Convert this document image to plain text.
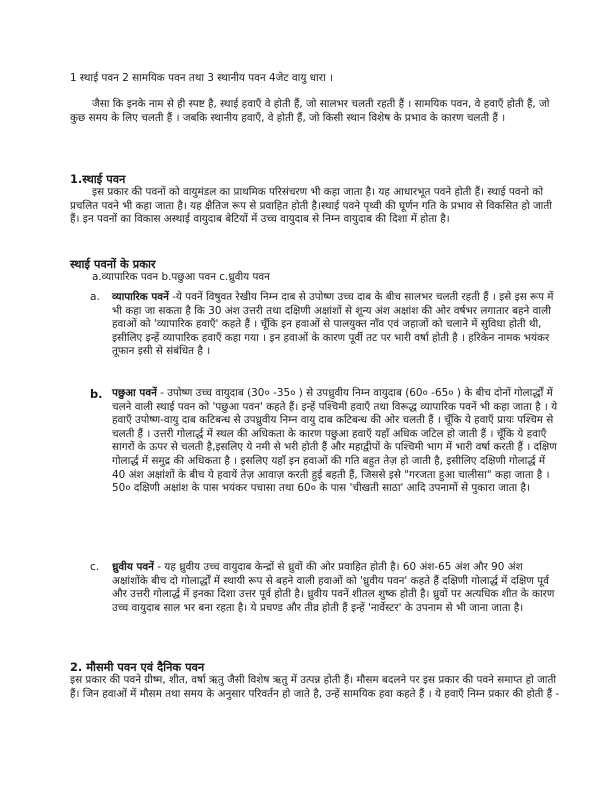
1 स्थाई पवन 2 सामयिक पवन तथा 3 स्थानीय पवन 4जेट वायु धारा ।

जैसा कि इनके नाम से ही स्पष्ट है, स्थाई हवाएँ वे होती हैं, जो सालभर चलती रहती हैं । सामयिक पवन, वे हवाएँ होती हैं, जो कुछ समय के लिए चलती हैं । जबकि स्थानीय हवाएँ, वे होती हैं, जो किसी स्थान विशेष के प्रभाव के कारण चलती हैं ।

1.स्थाई पवन

इस प्रकार की पवनों को वायुमंडल का प्राथमिक परिसंचरण भी कहा जाता है। यह आधारभूत पवने होती हैं। स्थाई पवनो को प्रचलित पवने भी कहा जाता है। यह क्षैतिज रूप से प्रवाहित होती है।स्थाई पवने पृथ्वी की घूर्णन गति के प्रभाव से विकसित हो जाती हैं। इन पवनों का विकास अस्थाई वायुदाब बेटियों में उच्च वायुदाब से निम्न वायुदाब की दिशा में होता है।

स्थाई पवनों के प्रकार

a.व्यापारिक पवन b.पछुआ पवन c.ध्रुवीय पवन

a. व्यापारिक पवनें -ये पवनें विषुवत रेखीय निम्न दाब से उपोष्ण उच्च दाब के बीच सालभर चलती रहती हैं । इसे इस रूप में भी कहा जा सकता है कि 30 अंश उत्तरी तथा दक्षिणी अक्षांशों से शून्य अंश अक्षांश की ओर वर्षभर लगातार बहने वाली हवाओं को 'व्यापारिक हवाएँ' कहते हैं । चूँकि इन हवाओं से पालयुक्त नाँव एवं जहाजों को चलाने में सुविधा होती थी, इसीलिए इन्हें व्यापारिक हवाएँ कहा गया । इन हवाओं के कारण पूर्वी तट पर भारी वर्षा होती है । हरिकेन नामक भयंकर तूफान इसी से संबंधित है ।

b. पछुआ पवनें - उपोष्ण उच्च वायुदाब (30० -35० ) से उपध्रुवीय निम्न वायुदाब (60० -65० ) के बीच दोनों गोलार्द्धों में चलने वाली स्थाई पवन को 'पछुआ पवन' कहते हैं। इन्हें पश्चिमी हवाएँ तथा विरूद्ध व्यापारिक पवनें भी कहा जाता है । ये हवाएँ उपोष्ण-वायु दाब कटिबन्ध से उपध्रुवीय निम्न वायु दाब कटिबन्ध की ओर चलती हैं । चूँकि ये हवाएँ प्रायः पश्चिम से चलती हैं । उत्तरी गोलार्द्ध में स्थल की अधिकता के कारण पछुआ हवाएँ यहाँ अधिक जटिल हो जाती हैं । चूँकि ये हवाएँ सागरों के ऊपर से चलती है,इसलिए ये नमी से भरी होती हैं और महाद्वीपों के पश्चिमी भाग में भारी वर्षा करती हैं । दक्षिण गोलार्द्ध में समुद्र की अधिकता है । इसलिए यहाँ इन हवाओं की गति बहुत तेज़ हो जाती है, इसीलिए दक्षिणी गोलार्द्ध में 40 अंश अक्षांशों के बीच ये हवायें तेज़ आवाज़ करती हुई बहती हैं, जिससे इसे "गरजता हुआ चालीसा" कहा जाता है ।50० दक्षिणी अक्षांश के पास भयंकर पचासा तथा 60० के पास 'चीखती साठा' आदि उपनामों से पुकारा जाता है।

c. ध्रुवीय पवनें - यह ध्रुवीय उच्च वायुदाब केन्द्रों से ध्रुवों की ओर प्रवाहित होती है। 60 अंश-65 अंश और 90 अंश अक्षांशोंके बीच दो गोलार्द्धों में स्थायी रूप से बहने वाली हवाओं को 'ध्रुवीय पवन' कहते हैं दक्षिणी गोलार्द्ध में दक्षिण पूर्व और उत्तरी गोलार्द्ध में इनका दिशा उत्तर पूर्व होती है। ध्रुवीय पवनें शीतल शुष्क होती है। ध्रुवों पर अत्यधिक शीत के कारण उच्च वायुदाब साल भर बना रहता है। ये प्रचण्ड और तीव्र होती हैं इन्हें 'नार्वेस्टर' के उपनाम से भी जाना जाता है।

2. मौसमी पवन एवं दैनिक पवन

इस प्रकार की पवने ग्रीष्म, शीत, वर्षा ऋतु जैसी विशेष ऋतु में उत्पन्न होती हैं। मौसम बदलने पर इस प्रकार की पवने समाप्त हो जाती हैं। जिन हवाओं में मौसम तथा समय के अनुसार परिवर्तन हो जाते है, उन्हें सामयिक हवा कहते हैं । ये हवाएँ निम्न प्रकार की होती हैं -
